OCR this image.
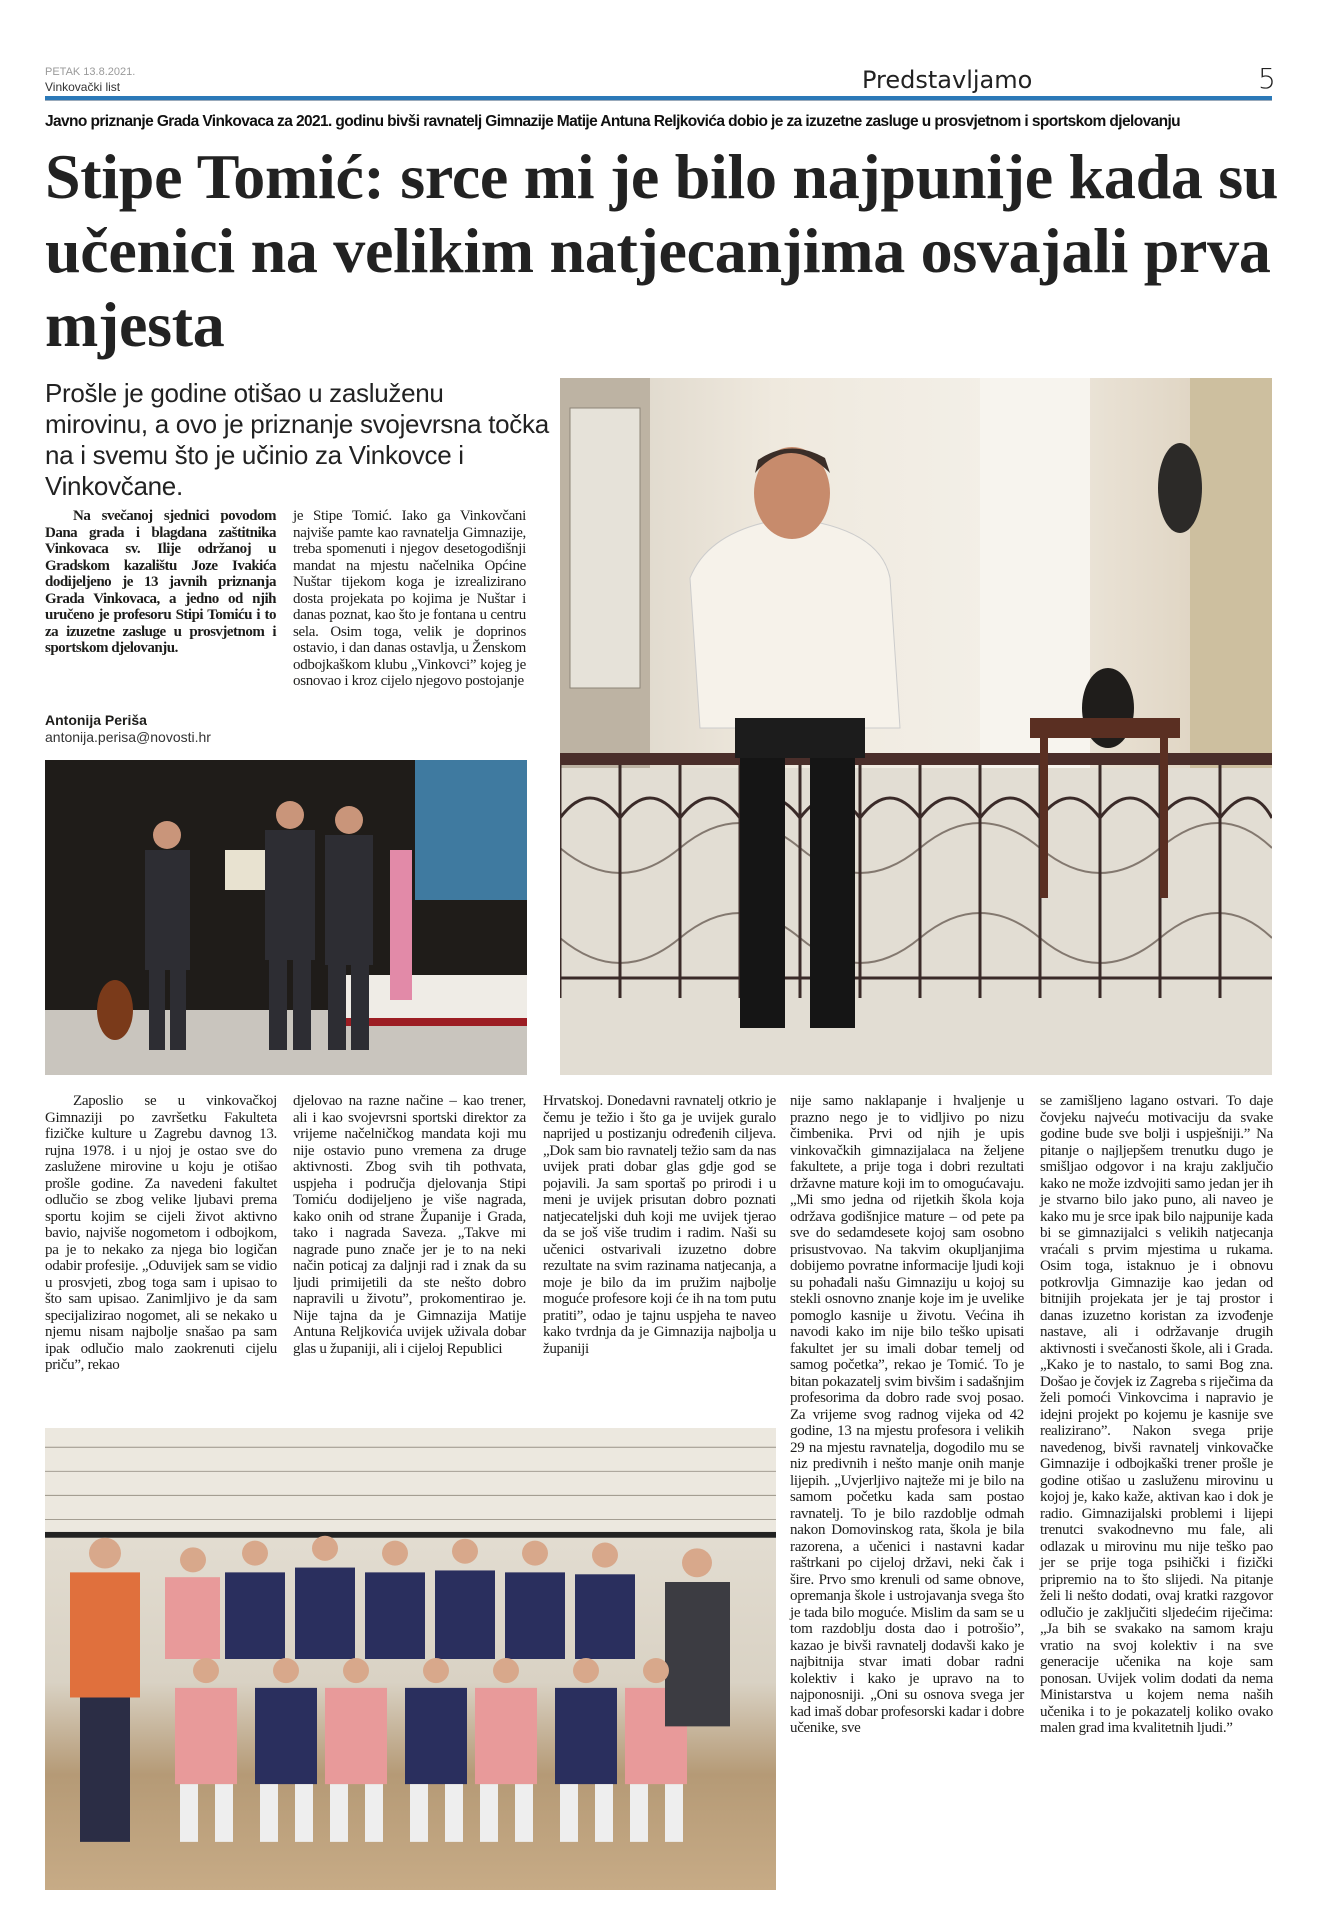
PETAK 13.8.2021.
Vinkovački list	Predstavljamo	5
Javno priznanje Grada Vinkovaca za 2021. godinu bivši ravnatelj Gimnazije Matije Antuna Reljkovića dobio je za izuzetne zasluge u prosvjetnom i sportskom djelovanju
Stipe Tomić: srce mi je bilo najpunije kada su učenici na velikim natjecanjima osvajali prva mjesta
Prošle je godine otišao u zasluženu mirovinu, a ovo je priznanje svojevrsna točka na i svemu što je učinio za Vinkovce i Vinkovčane.

Na svečanoj sjednici povodom Dana grada i blagdana zaštitnika Vinkovaca sv. Ilije održanoj u Gradskom kazalištu Joze Ivakića dodijeljeno je 13 javnih priznanja Grada Vinkovaca, a jedno od njih uručeno je profesoru Stipi Tomiću i to za izuzetne zasluge u prosvjetnom i sportskom djelovanju.

je Stipe Tomić. Iako ga Vinkovčani najviše pamte kao ravnatelja Gimnazije, treba spomenuti i njegov desetogodišnji mandat na mjestu načelnika Općine Nuštar tijekom koga je izrealizirano dosta projekata po kojima je Nuštar i danas poznat, kao što je fontana u centru sela. Osim toga, velik je doprinos ostavio, i dan danas ostavlja, u Ženskom odbojkaškom klubu „Vinkovci” kojeg je osnovao i kroz cijelo njegovo postojanje

Antonija Periša
antonija.perisa@novosti.hr

Zaposlio se u vinkovačkoj Gimnaziji po završetku Fakulteta fizičke kulture u Zagrebu davnog 13. rujna 1978. i u njoj je ostao sve do zaslužene mirovine u koju je otišao prošle godine. Za navedeni fakultet odlučio se zbog velike ljubavi prema sportu kojim se cijeli život aktivno bavio, najviše nogometom i odbojkom, pa je to nekako za njega bio logičan odabir profesije. „Oduvijek sam se vidio u prosvjeti, zbog toga sam i upisao to što sam upisao. Zanimljivo je da sam specijalizirao nogomet, ali se nekako u njemu nisam najbolje snašao pa sam ipak odlučio malo zaokrenuti cijelu priču”, rekao

djelovao na razne načine – kao trener, ali i kao svojevrsni sportski direktor za vrijeme načelničkog mandata koji mu nije ostavio puno vremena za druge aktivnosti. Zbog svih tih pothvata, uspjeha i područja djelovanja Stipi Tomiću dodijeljeno je više nagrada, kako onih od strane Županije i Grada, tako i nagrada Saveza. „Takve mi nagrade puno znače jer je to na neki način poticaj za daljnji rad i znak da su ljudi primijetili da ste nešto dobro napravili u životu”, prokomentirao je. Nije tajna da je Gimnazija Matije Antuna Reljkovića uvijek uživala dobar glas u županiji, ali i cijeloj Republici

Hrvatskoj. Donedavni ravnatelj otkrio je čemu je težio i što ga je uvijek guralo naprijed u postizanju određenih ciljeva. „Dok sam bio ravnatelj težio sam da nas uvijek prati dobar glas gdje god se pojavili. Ja sam sportaš po prirodi i u meni je uvijek prisutan dobro poznati natjecateljski duh koji me uvijek tjerao da se još više trudim i radim. Naši su učenici ostvarivali izuzetno dobre rezultate na svim razinama natjecanja, a moje je bilo da im pružim najbolje moguće profesore koji će ih na tom putu pratiti”, odao je tajnu uspjeha te naveo kako tvrdnja da je Gimnazija najbolja u županiji

nije samo naklapanje i hvaljenje u prazno nego je to vidljivo po nizu čimbenika. Prvi od njih je upis vinkovačkih gimnazijalaca na željene fakultete, a prije toga i dobri rezultati državne mature koji im to omogućavaju. „Mi smo jedna od rijetkih škola koja održava godišnjice mature – od pete pa sve do sedamdesete kojoj sam osobno prisustvovao. Na takvim okupljanjima dobijemo povratne informacije ljudi koji su pohađali našu Gimnaziju u kojoj su stekli osnovno znanje koje im je uvelike pomoglo kasnije u životu. Većina ih navodi kako im nije bilo teško upisati fakultet jer su imali dobar temelj od samog početka”, rekao je Tomić. To je bitan pokazatelj svim bivšim i sadašnjim profesorima da dobro rade svoj posao. Za vrijeme svog radnog vijeka od 42 godine, 13 na mjestu profesora i velikih 29 na mjestu ravnatelja, dogodilo mu se niz predivnih i nešto manje onih manje lijepih. „Uvjerljivo najteže mi je bilo na samom početku kada sam postao ravnatelj. To je bilo razdoblje odmah nakon Domovinskog rata, škola je bila razorena, a učenici i nastavni kadar raštrkani po cijeloj državi, neki čak i šire. Prvo smo krenuli od same obnove, opremanja škole i ustrojavanja svega što je tada bilo moguće. Mislim da sam se u tom razdoblju dosta dao i potrošio”, kazao je bivši ravnatelj dodavši kako je najbitnija stvar imati dobar radni kolektiv i kako je upravo na to najponosniji. „Oni su osnova svega jer kad imaš dobar profesorski kadar i dobre učenike, sve

se zamišljeno lagano ostvari. To daje čovjeku najveću motivaciju da svake godine bude sve bolji i uspješniji.” Na pitanje o najljepšem trenutku dugo je smišljao odgovor i na kraju zaključio kako ne može izdvojiti samo jedan jer ih je stvarno bilo jako puno, ali naveo je kako mu je srce ipak bilo najpunije kada bi se gimnazijalci s velikih natjecanja vraćali s prvim mjestima u rukama. Osim toga, istaknuo je i obnovu potkrovlja Gimnazije kao jedan od bitnijih projekata jer je taj prostor i danas izuzetno koristan za izvođenje nastave, ali i održavanje drugih aktivnosti i svečanosti škole, ali i Grada. „Kako je to nastalo, to sami Bog zna. Došao je čovjek iz Zagreba s riječima da želi pomoći Vinkovcima i napravio je idejni projekt po kojemu je kasnije sve realizirano”. Nakon svega prije navedenog, bivši ravnatelj vinkovačke Gimnazije i odbojkaški trener prošle je godine otišao u zasluženu mirovinu u kojoj je, kako kaže, aktivan kao i dok je radio. Gimnazijalski problemi i lijepi trenutci svakodnevno mu fale, ali odlazak u mirovinu mu nije teško pao jer se prije toga psihički i fizički pripremio na to što slijedi. Na pitanje želi li nešto dodati, ovaj kratki razgovor odlučio je zaključiti sljedećim riječima: „Ja bih se svakako na samom kraju vratio na svoj kolektiv i na sve generacije učenika na koje sam ponosan. Uvijek volim dodati da nema Ministarstva u kojem nema naših učenika i to je pokazatelj koliko ovako malen grad ima kvalitetnih ljudi.”
